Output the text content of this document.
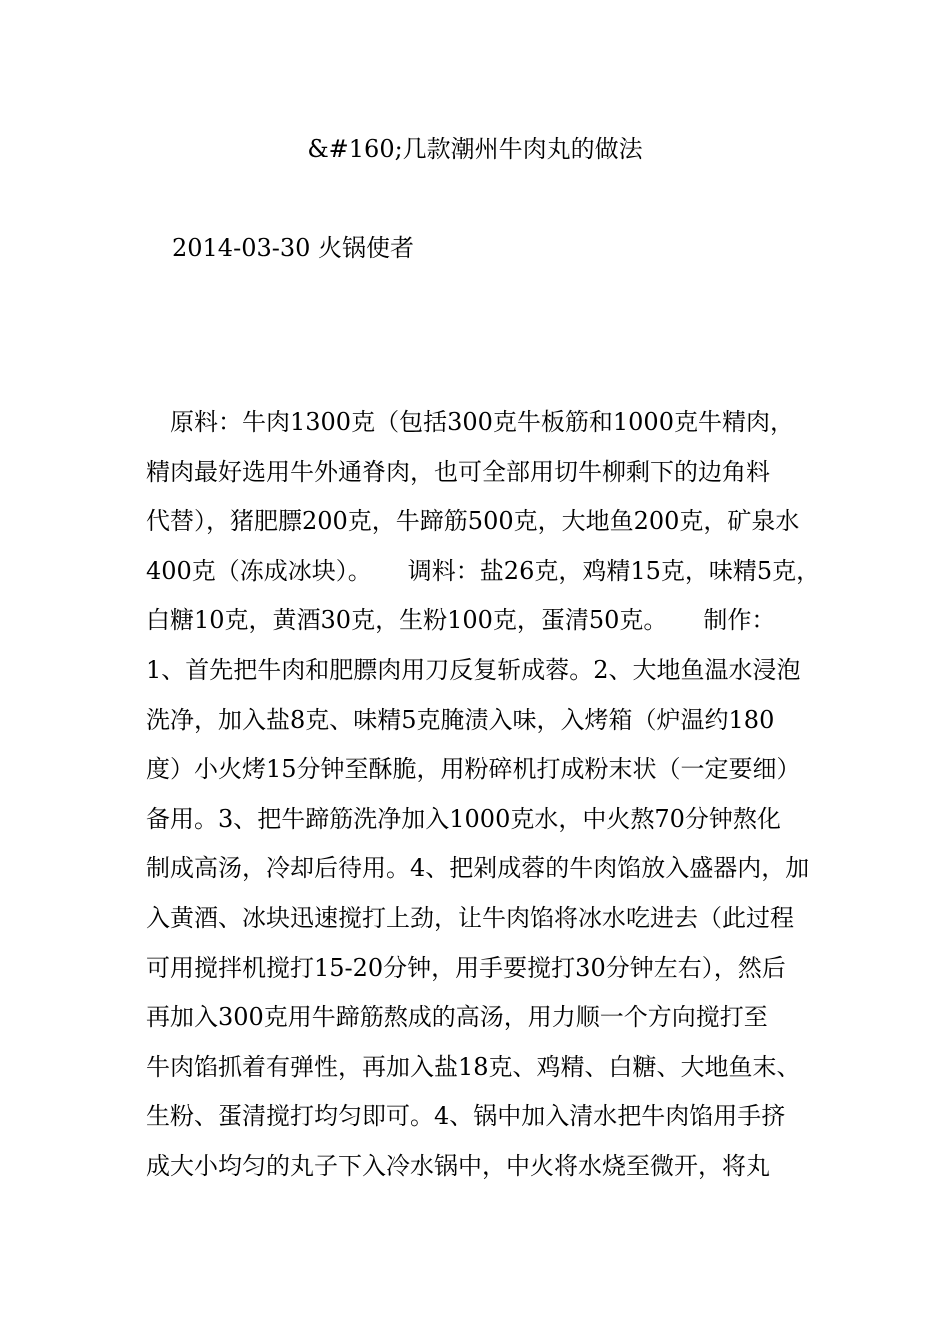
&#160;几款潮州牛肉丸的做法
2014-03-30 火锅使者
　原料：牛肉1300克（包括300克牛板筋和1000克牛精肉，
精肉最好选用牛外通脊肉，也可全部用切牛柳剩下的边角料
代替），猪肥膘200克，牛蹄筋500克，大地鱼200克，矿泉水
400克（冻成冰块）。　　调料：盐26克，鸡精15克，味精5克，
白糖10克，黄酒30克，生粉100克，蛋清50克。　　制作：
1、首先把牛肉和肥膘肉用刀反复斩成蓉。2、大地鱼温水浸泡
洗净，加入盐8克、味精5克腌渍入味，入烤箱（炉温约180
度）小火烤15分钟至酥脆，用粉碎机打成粉末状（一定要细）
备用。3、把牛蹄筋洗净加入1000克水，中火熬70分钟熬化
制成高汤，冷却后待用。4、把剁成蓉的牛肉馅放入盛器内，加
入黄酒、冰块迅速搅打上劲，让牛肉馅将冰水吃进去（此过程
可用搅拌机搅打15-20分钟，用手要搅打30分钟左右），然后
再加入300克用牛蹄筋熬成的高汤，用力顺一个方向搅打至
牛肉馅抓着有弹性，再加入盐18克、鸡精、白糖、大地鱼末、
生粉、蛋清搅打均匀即可。4、锅中加入清水把牛肉馅用手挤
成大小均匀的丸子下入冷水锅中，中火将水烧至微开，将丸
